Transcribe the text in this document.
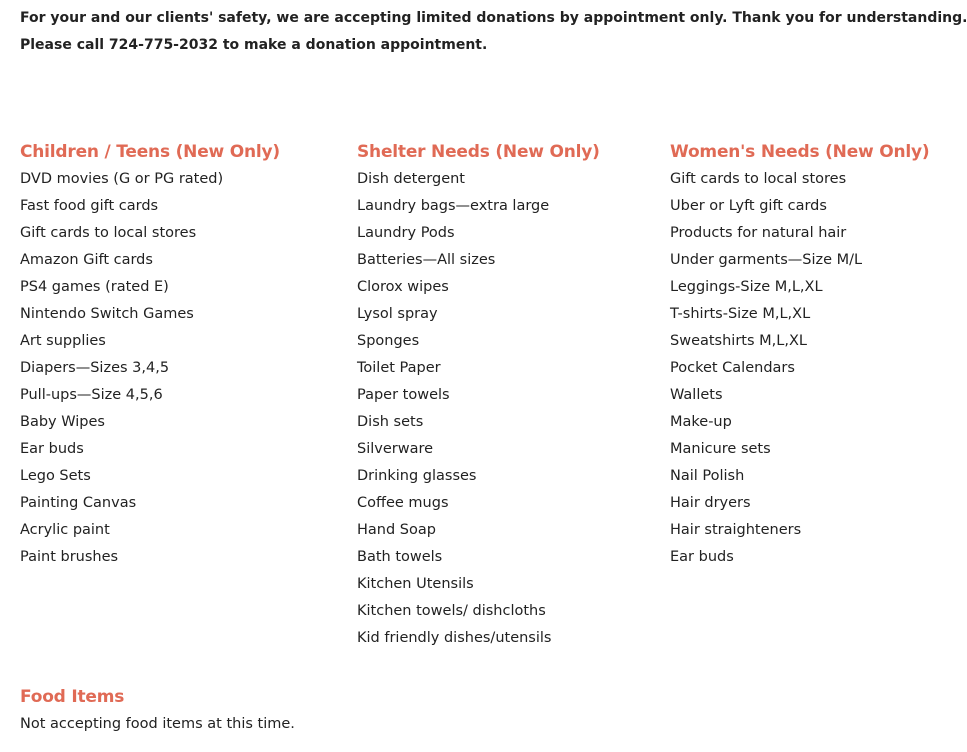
For your and our clients' safety, we are accepting limited donations by appointment only. Thank you for understanding.

Please call 724-775-2032 to make a donation appointment.

Children / Teens (New Only)
DVD movies (G or PG rated)
Fast food gift cards
Gift cards to local stores
Amazon Gift cards
PS4 games (rated E)
Nintendo Switch Games
Art supplies
Diapers—Sizes 3,4,5
Pull-ups—Size 4,5,6
Baby Wipes
Ear buds
Lego Sets
Painting Canvas
Acrylic paint
Paint brushes
Shelter Needs (New Only)
Dish detergent
Laundry bags—extra large
Laundry Pods
Batteries—All sizes
Clorox wipes
Lysol spray
Sponges
Toilet Paper
Paper towels
Dish sets
Silverware
Drinking glasses
Coffee mugs
Hand Soap
Bath towels
Kitchen Utensils
Kitchen towels/ dishcloths
Kid friendly dishes/utensils
Women's Needs (New Only)
Gift cards to local stores
Uber or Lyft gift cards
Products for natural hair
Under garments—Size M/L
Leggings-Size M,L,XL
T-shirts-Size M,L,XL
Sweatshirts M,L,XL
Pocket Calendars
Wallets
Make-up
Manicure sets
Nail Polish
Hair dryers
Hair straighteners
Ear buds
Food Items
Not accepting food items at this time.
